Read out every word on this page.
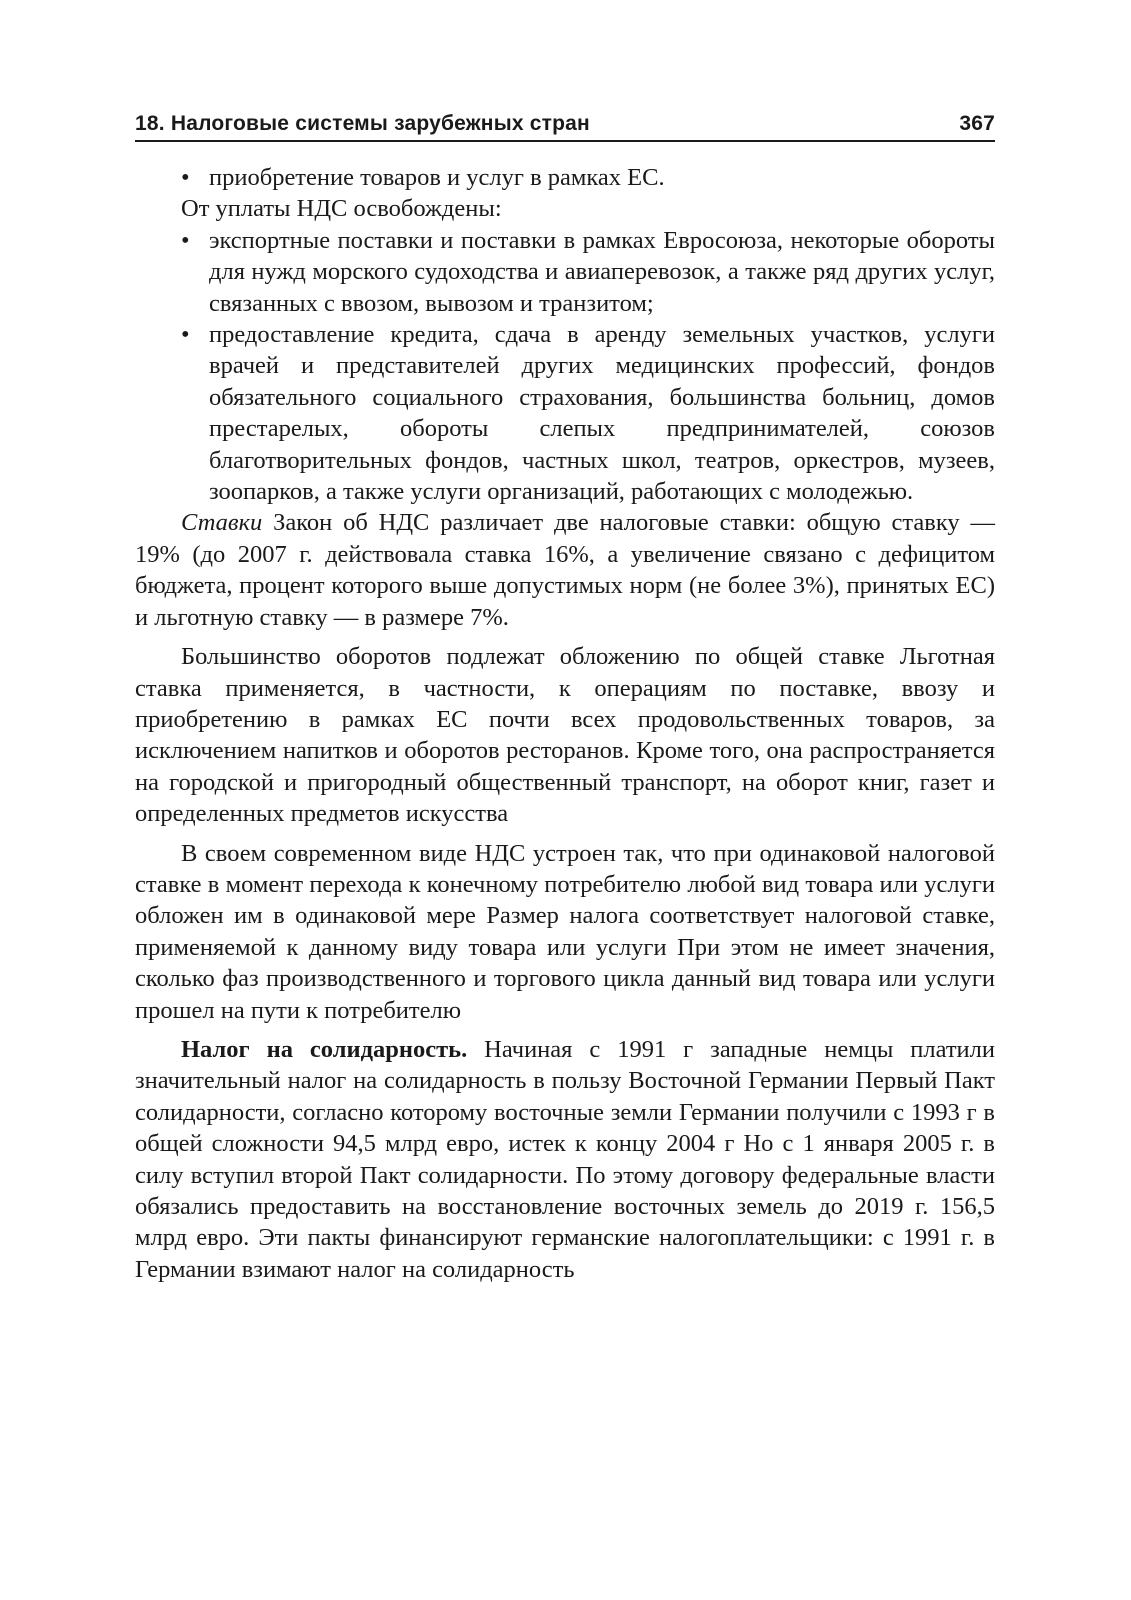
18. Налоговые системы зарубежных стран	367

• приобретение товаров и услуг в рамках ЕС.

От уплаты НДС освобождены:

• экспортные поставки и поставки в рамках Евросоюза, некоторые обороты для нужд морского судоходства и авиаперевозок, а также ряд других услуг, связанных с ввозом, вывозом и транзитом;

• предоставление кредита, сдача в аренду земельных участков, услуги врачей и представителей других медицинских профессий, фондов обязательного социального страхования, большинства больниц, домов престарелых, обороты слепых предпринимателей, союзов благотворительных фондов, частных школ, театров, оркестров, музеев, зоопарков, а также услуги организаций, работающих с молодежью.

Ставки Закон об НДС различает две налоговые ставки: общую ставку — 19% (до 2007 г. действовала ставка 16%, а увеличение связано с дефицитом бюджета, процент которого выше допустимых норм (не более 3%), принятых ЕС) и льготную ставку — в размере 7%.

Большинство оборотов подлежат обложению по общей ставке Льготная ставка применяется, в частности, к операциям по поставке, ввозу и приобретению в рамках ЕС почти всех продовольственных товаров, за исключением напитков и оборотов ресторанов. Кроме того, она распространяется на городской и пригородный общественный транспорт, на оборот книг, газет и определенных предметов искусства

В своем современном виде НДС устроен так, что при одинаковой налоговой ставке в момент перехода к конечному потребителю любой вид товара или услуги обложен им в одинаковой мере Размер налога соответствует налоговой ставке, применяемой к данному виду товара или услуги При этом не имеет значения, сколько фаз производственного и торгового цикла данный вид товара или услуги прошел на пути к потребителю

Налог на солидарность. Начиная с 1991 г западные немцы платили значительный налог на солидарность в пользу Восточной Германии Первый Пакт солидарности, согласно которому восточные земли Германии получили с 1993 г в общей сложности 94,5 млрд евро, истек к концу 2004 г Но с 1 января 2005 г. в силу вступил второй Пакт солидарности. По этому договору федеральные власти обязались предоставить на восстановление восточных земель до 2019 г. 156,5 млрд евро. Эти пакты финансируют германские налогоплательщики: с 1991 г. в Германии взимают налог на солидарность
